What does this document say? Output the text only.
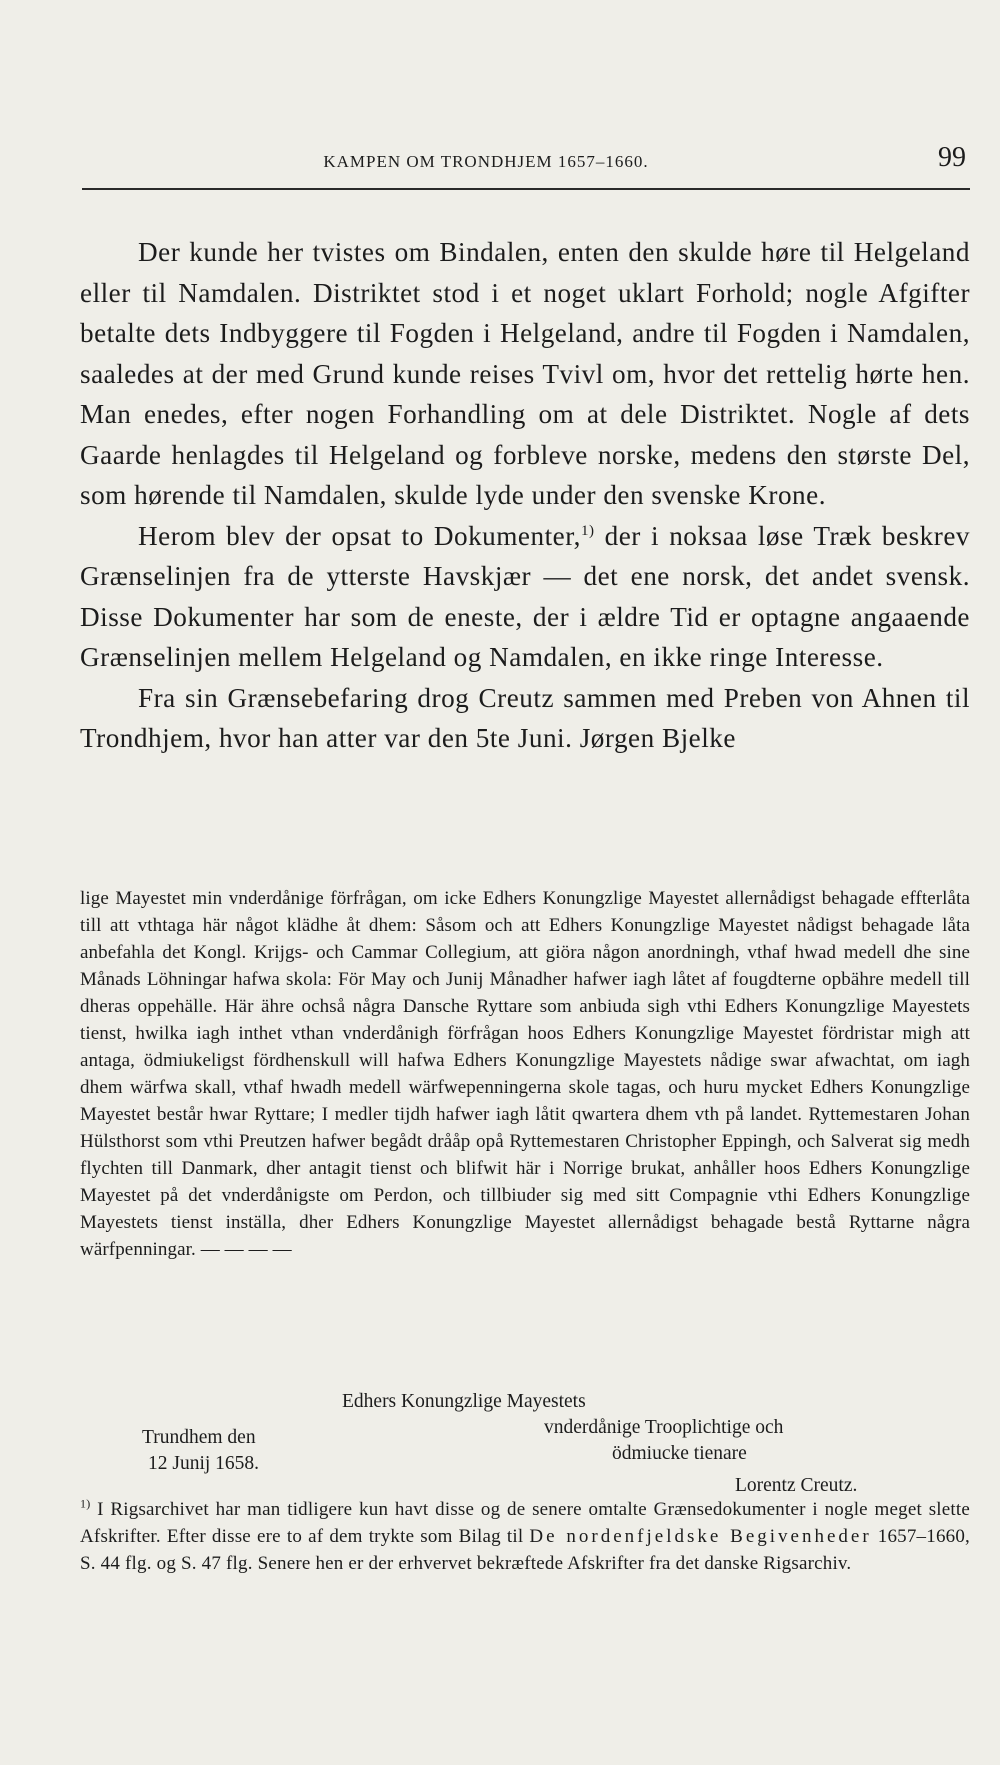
KAMPEN OM TRONDHJEM 1657–1660.	99

Der kunde her tvistes om Bindalen, enten den skulde høre til Helgeland eller til Namdalen. Distriktet stod i et noget uklart Forhold; nogle Afgifter betalte dets Indbyggere til Fogden i Helgeland, andre til Fogden i Namdalen, saaledes at der med Grund kunde reises Tvivl om, hvor det rettelig hørte hen. Man enedes, efter nogen Forhandling om at dele Distriktet. Nogle af dets Gaarde henlagdes til Helgeland og forbleve norske, medens den største Del, som hørende til Namdalen, skulde lyde under den svenske Krone.

Herom blev der opsat to Dokumenter,$^{1)}$ der i noksaa løse Træk beskrev Grænselinjen fra de ytterste Havskjær — det ene norsk, det andet svensk. Disse Dokumenter har som de eneste, der i ældre Tid er optagne angaaende Grænselinjen mellem Helgeland og Namdalen, en ikke ringe Interesse.

Fra sin Grænsebefaring drog Creutz sammen med Preben von Ahnen til Trondhjem, hvor han atter var den 5te Juni. Jørgen Bjelke

lige Mayestet min vnderdånige förfrågan, om icke Edhers Konungzlige Mayestet allernådigst behagade effterlåta till att vthtaga här något klädhe åt dhem: Såsom och att Edhers Konungzlige Mayestet nådigst behagade låta anbefahla det Kongl. Krijgs- och Cammar Collegium, att giöra någon anordningh, vthaf hwad medell dhe sine Månads Löhningar hafwa skola: För May och Junij Månadher hafwer iagh låtet af fougdterne opbähre medell till dheras oppehälle. Här ähre ochså några Dansche Ryttare som anbiuda sigh vthi Edhers Konungzlige Mayestets tienst, hwilka iagh inthet vthan vnderdånigh förfrågan hoos Edhers Konungzlige Mayestet fördristar migh att antaga, ödmiukeligst fördhenskull will hafwa Edhers Konungzlige Mayestets nådige swar afwachtat, om iagh dhem wärfwa skall, vthaf hwadh medell wärfwepenningerna skole tagas, och huru mycket Edhers Konungzlige Mayestet består hwar Ryttare; I medler tijdh hafwer iagh låtit qwartera dhem vth på landet. Ryttemestaren Johan Hülsthorst som vthi Preutzen hafwer begådt drååp opå Ryttemestaren Christopher Eppingh, och Salverat sig medh flychten till Danmark, dher antagit tienst och blifwit här i Norrige brukat, anhåller hoos Edhers Konungzlige Mayestet på det vnderdånigste om Perdon, och tillbiuder sig med sitt Compagnie vthi Edhers Konungzlige Mayestets tienst inställa, dher Edhers Konungzlige Mayestet allernådigst behagade bestå Ryttarne några wärfpenningar. — — — —
Edhers Konungzlige Mayestets
vnderdånige Trooplichtige och
ödmiucke tienare
Lorentz Creutz.
Trundhem den
12 Junij 1658.
$^{1)}$ I Rigsarchivet har man tidligere kun havt disse og de senere omtalte Grænsedokumenter i nogle meget slette Afskrifter. Efter disse ere to af dem trykte som Bilag til De nordenfjeldske Begivenheder 1657–1660, S. 44 flg. og S. 47 flg. Senere hen er der erhvervet bekræftede Afskrifter fra det danske Rigsarchiv.
